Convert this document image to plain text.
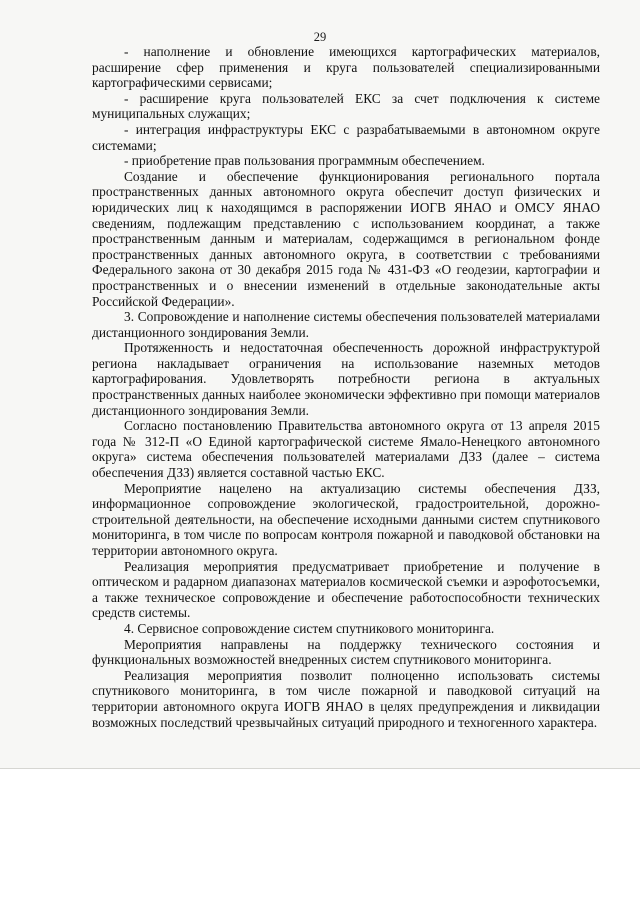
29

- наполнение и обновление имеющихся картографических материалов, расширение сфер применения и круга пользователей специализированными картографическими сервисами;

- расширение круга пользователей ЕКС за счет подключения к системе муниципальных служащих;

- интеграция инфраструктуры ЕКС с разрабатываемыми в автономном округе системами;

- приобретение прав пользования программным обеспечением.

Создание и обеспечение функционирования регионального портала пространственных данных автономного округа обеспечит доступ физических и юридических лиц к находящимся в распоряжении ИОГВ ЯНАО и ОМСУ ЯНАО сведениям, подлежащим представлению с использованием координат, а также пространственным данным и материалам, содержащимся в региональном фонде пространственных данных автономного округа, в соответствии с требованиями Федерального закона от 30 декабря 2015 года № 431-ФЗ «О геодезии, картографии и пространственных и о внесении изменений в отдельные законодательные акты Российской Федерации».

3. Сопровождение и наполнение системы обеспечения пользователей материалами дистанционного зондирования Земли.

Протяженность и недостаточная обеспеченность дорожной инфраструктурой региона накладывает ограничения на использование наземных методов картографирования. Удовлетворять потребности региона в актуальных пространственных данных наиболее экономически эффективно при помощи материалов дистанционного зондирования Земли.

Согласно постановлению Правительства автономного округа от 13 апреля 2015 года № 312-П «О Единой картографической системе Ямало-Ненецкого автономного округа» система обеспечения пользователей материалами ДЗЗ (далее – система обеспечения ДЗЗ) является составной частью ЕКС.

Мероприятие нацелено на актуализацию системы обеспечения ДЗЗ, информационное сопровождение экологической, градостроительной, дорожно-строительной деятельности, на обеспечение исходными данными систем спутникового мониторинга, в том числе по вопросам контроля пожарной и паводковой обстановки на территории автономного округа.

Реализация мероприятия предусматривает приобретение и получение в оптическом и радарном диапазонах материалов космической съемки и аэрофотосъемки, а также техническое сопровождение и обеспечение работоспособности технических средств системы.

4. Сервисное сопровождение систем спутникового мониторинга.

Мероприятия направлены на поддержку технического состояния и функциональных возможностей внедренных систем спутникового мониторинга.

Реализация мероприятия позволит полноценно использовать системы спутникового мониторинга, в том числе пожарной и паводковой ситуаций на территории автономного округа ИОГВ ЯНАО в целях предупреждения и ликвидации возможных последствий чрезвычайных ситуаций природного и техногенного характера.
